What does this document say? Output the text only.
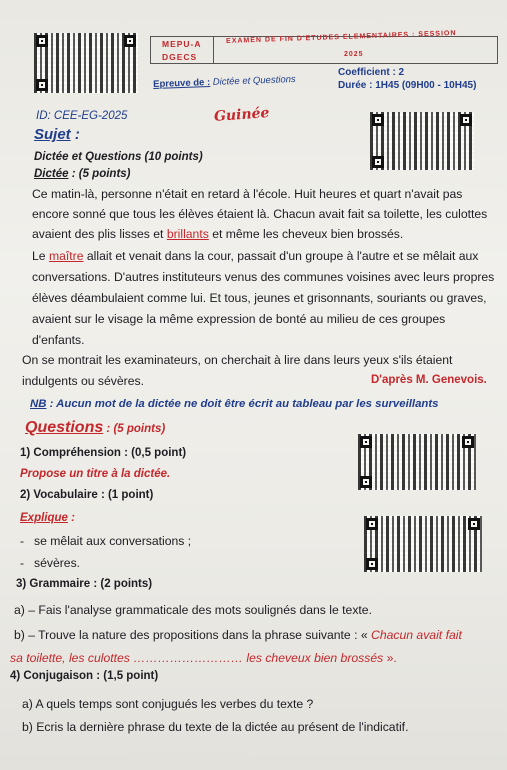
MEPU-A
DGECS
EXAMEN DE FIN D'ETUDES ELEMENTAIRES : SESSION
2025
Epreuve de : Dictée et Questions
Coefficient : 2
Durée : 1H45 (09H00 - 10H45)
ID: CEE-EG-2025	Guinée
Sujet :
Dictée et Questions (10 points)
Dictée : (5 points)
Ce matin-là, personne n'était en retard à l'école. Huit heures et quart n'avait pas
encore sonné que tous les élèves étaient là. Chacun avait fait sa toilette, les culottes
avaient des plis lisses et brillants et même les cheveux bien brossés.
Le maître allait et venait dans la cour, passait d'un groupe à l'autre et se mêlait aux
conversations. D'autres instituteurs venus des communes voisines avec leurs propres
élèves déambulaient comme lui. Et tous, jeunes et grisonnants, souriants ou graves,
avaient sur le visage la même expression de bonté au milieu de ces groupes
d'enfants.
On se montrait les examinateurs, on cherchait à lire dans leurs yeux s'ils étaient
indulgents ou sévères.	D'après M. Genevois.
NB : Aucun mot de la dictée ne doit être écrit au tableau par les surveillants
Questions : (5 points)
1) Compréhension : (0,5 point)
Propose un titre à la dictée.
2) Vocabulaire : (1 point)
Explique :
- se mêlait aux conversations ;
- sévères.
3) Grammaire : (2 points)
a) – Fais l'analyse grammaticale des mots soulignés dans le texte.
b) – Trouve la nature des propositions dans la phrase suivante : « Chacun avait fait
sa toilette, les culottes ……………………… les cheveux bien brossés ».
4) Conjugaison : (1,5 point)
a) A quels temps sont conjugués les verbes du texte ?
b) Ecris la dernière phrase du texte de la dictée au présent de l'indicatif.
